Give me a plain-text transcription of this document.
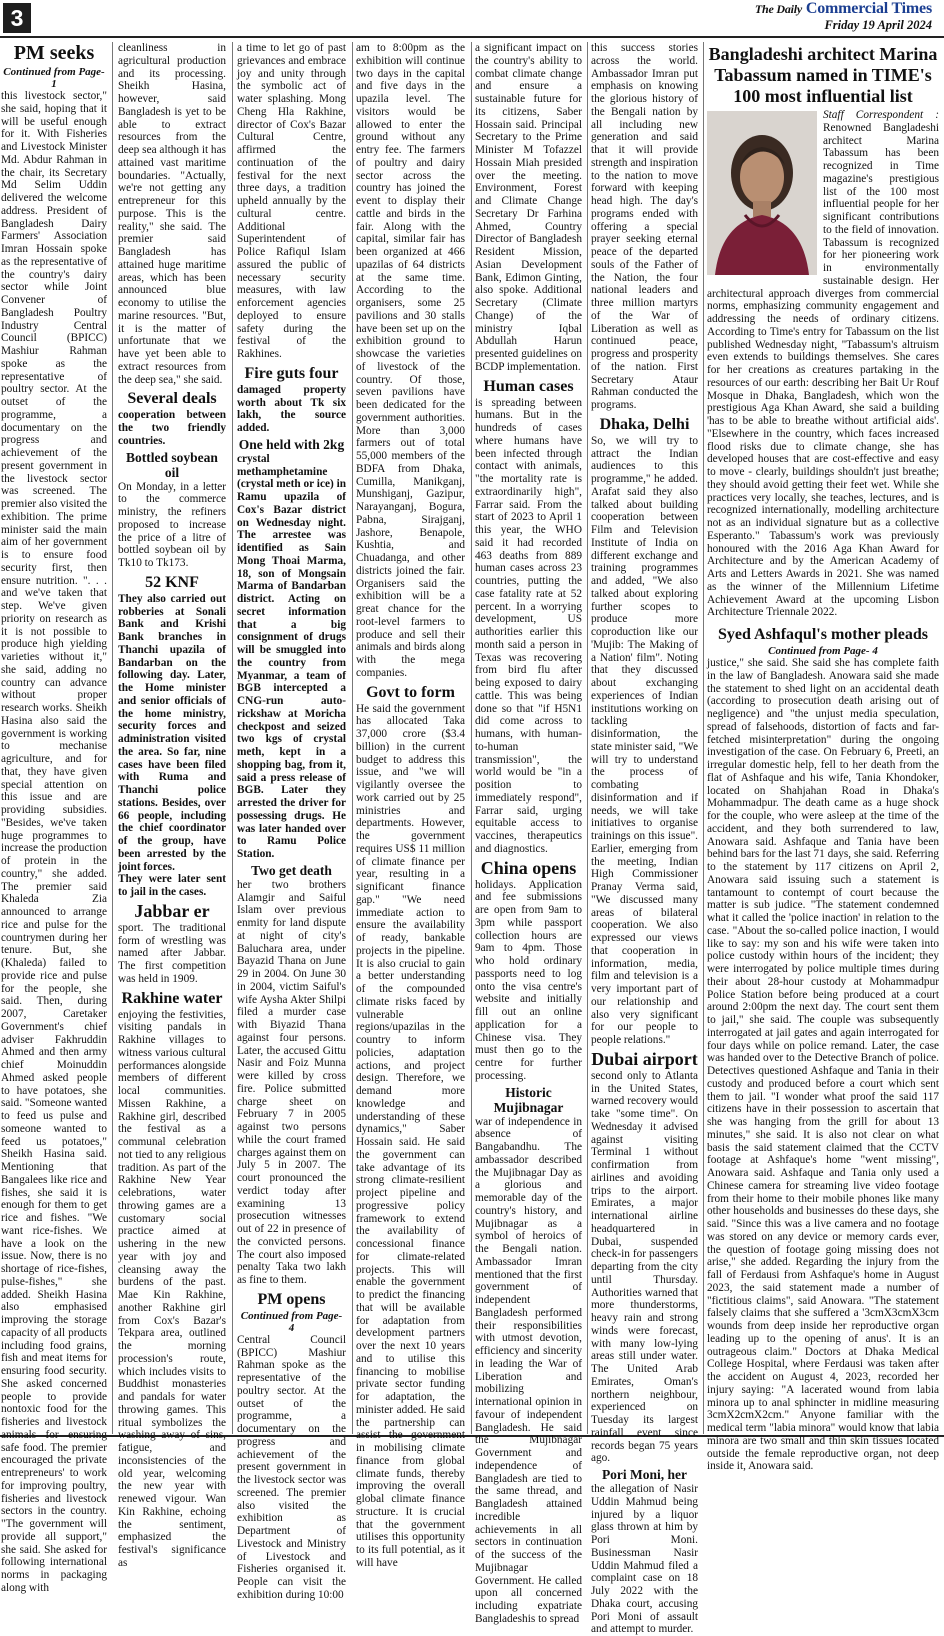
3	The Daily Commercial Times
Friday 19 April 2024
PM seeks
Continued from Page-1

this livestock sector," she said, hoping that it will be useful enough for it. With Fisheries and Livestock Minister Md. Abdur Rahman in the chair, its Secretary Md Selim Uddin delivered the welcome address. President of Bangladesh Dairy Farmers' Association Imran Hossain spoke as the representative of the country's dairy sector while Joint Convener of Bangladesh Poultry Industry Central Council (BPICC) Mashiur Rahman spoke as the representative of poultry sector. At the outset of the programme, a documentary on the progress and achievement of the present government in the livestock sector was screened. The premier also visited the exhibition. The prime minister said the main aim of her government is to ensure food security first, then ensure nutrition. ". . . and we've taken that step. We've given priority on research as it is not possible to produce high yielding varieties without it," she said, adding no country can advance without proper research works. Sheikh Hasina also said the government is working to mechanise agriculture, and for that, they have given special attention on this issue and are providing subsidies. "Besides, we've taken huge programmes to increase the production of protein in the country," she added. The premier said Khaleda Zia announced to arrange rice and pulse for the countrymen during her tenure. But, she (Khaleda) failed to provide rice and pulse for the people, she said. Then, during 2007, Caretaker Government's chief adviser Fakhruddin Ahmed and then army chief Moinuddin Ahmed asked people to have potatoes, she said. "Someone wanted to feed us pulse and someone wanted to feed us potatoes," Sheikh Hasina said. Mentioning that Bangalees like rice and fishes, she said it is enough for them to get rice and fishes. "We want rice-fishes. We have a look on the issue. Now, there is no shortage of rice-fishes, pulse-fishes," she added. Sheikh Hasina also emphasised improving the storage capacity of all products including food grains, fish and meat items for ensuring food security. She asked concerned people to provide nontoxic food for the fisheries and livestock animals for ensuring safe food. The premier encouraged the private entrepreneurs' to work for improving poultry, fisheries and livestock sectors in the country. "The government will provide all support," she said. She asked for following international norms in packaging along with

cleanliness in agricultural production and its processing. Sheikh Hasina, however, said Bangladesh is yet to be able to extract resources from the deep sea although it has attained vast maritime boundaries. "Actually, we're not getting any entrepreneur for this purpose. This is the reality," she said. The premier said Bangladesh has attained huge maritime areas, which has been announced blue economy to utilise the marine resources. "But, it is the matter of unfortunate that we have yet been able to extract resources from the deep sea," she said.

Several deals

cooperation between the two friendly countries.

Bottled soybean oil

On Monday, in a letter to the commerce ministry, the refiners proposed to increase the price of a litre of bottled soybean oil by Tk10 to Tk173.

52 KNF

They also carried out robberies at Sonali Bank and Krishi Bank branches in Thanchi upazila of Bandarban on the following day. Later, the Home minister and senior officials of the home ministry, security forces and administration visited the area. So far, nine cases have been filed with Ruma and Thanchi police stations. Besides, over 66 people, including the chief coordinator of the group, have been arrested by the joint forces.

They were later sent to jail in the cases.

Jabbar er

sport. The traditional form of wrestling was named after Jabbar. The first competition was held in 1909.

Rakhine water

enjoying the festivities, visiting pandals in Rakhine villages to witness various cultural performances alongside members of different local communities. Missen Rakhine, a Rakhine girl, described the festival as a communal celebration not tied to any religious tradition. As part of the Rakhine New Year celebrations, water throwing games are a customary social practice aimed at ushering in the new year with joy and cleansing away the burdens of the past. Mae Kin Rakhine, another Rakhine girl from Cox's Bazar's Tekpara area, outlined the morning procession's route, which includes visits to Buddhist monasteries and pandals for water throwing games. This ritual symbolizes the washing away of sins, fatigue, and inconsistencies of the old year, welcoming the new year with renewed vigour. Wan Kin Rakhine, echoing the sentiment, emphasized the festival's significance as

a time to let go of past grievances and embrace joy and unity through the symbolic act of water splashing. Mong Cheng Hla Rakhine, director of Cox's Bazar Cultural Centre, affirmed the continuation of the festival for the next three days, a tradition upheld annually by the cultural centre. Additional Superintendent of Police Rafiqul Islam assured the public of necessary security measures, with law enforcement agencies deployed to ensure safety during the festival of the Rakhines.

Fire guts four

damaged property worth about Tk six lakh, the source added.

One held with 2kg

crystal methamphetamine (crystal meth or ice) in Ramu upazila of Cox's Bazar district on Wednesday night. The arrestee was identified as Sain Mong Thoai Marma, 18, son of Mongsain Marma of Bandarban district. Acting on secret information that a big consignment of drugs will be smuggled into the country from Myanmar, a team of BGB intercepted a CNG-run auto-rickshaw at Moricha checkpost and seized two kgs of crystal meth, kept in a shopping bag, from it, said a press release of BGB. Later they arrested the driver for possessing drugs. He was later handed over to Ramu Police Station.

Two get death

her two brothers Alamgir and Saiful Islam over previous enmity for land dispute at night of city's Baluchara area, under Bayazid Thana on June 29 in 2004. On June 30 in 2004, victim Saiful's wife Aysha Akter Shilpi filed a murder case with Biyazid Thana against four persons. Later, the accused Gittu Nasir and Foiz Munna were killed by cross fire. Police submitted charge sheet on February 7 in 2005 against two persons while the court framed charges against them on July 5 in 2007. The court pronounced the verdict today after examining 13 prosecution witnesses out of 22 in presence of the convicted persons. The court also imposed penalty Taka two lakh as fine to them.

PM opens
Continued from Page- 4

Central Council (BPICC) Mashiur Rahman spoke as the representative of the poultry sector. At the outset of the programme, a documentary on the progress and achievement of the present government in the livestock sector was screened. The premier also visited the exhibition as Department of Livestock and Ministry of Livestock and Fisheries organised it. People can visit the exhibition during 10:00

am to 8:00pm as the exhibition will continue two days in the capital and five days in the upazila level. The visitors would be allowed to enter the ground without any entry fee. The farmers of poultry and dairy sector across the country has joined the event to display their cattle and birds in the fair. Along with the capital, similar fair has been organized at 466 upazilas of 64 districts at the same time. According to the organisers, some 25 pavilions and 30 stalls have been set up on the exhibition ground to showcase the varieties of livestock of the country. Of those, seven pavilions have been dedicated for the government authorities. More than 3,000 farmers out of total 55,000 members of the BDFA from Dhaka, Cumilla, Manikganj, Munshiganj, Gazipur, Narayanganj, Bogura, Pabna, Sirajganj, Jashore, Benapole, Kushtia, and Chuadanga, and other districts joined the fair. Organisers said the exhibition will be a great chance for the root-level farmers to produce and sell their animals and birds along with the mega companies.

Govt to form

He said the government has allocated Taka 37,000 crore ($3.4 billion) in the current budget to address this issue, and "we will vigilantly oversee the work carried out by 25 ministries and departments. However, the government requires US$ 11 million of climate finance per year, resulting in a significant finance gap." "We need immediate action to ensure the availability of ready, bankable projects in the pipeline. It is also crucial to gain a better understanding of the compounded climate risks faced by vulnerable regions/upazilas in the country to inform policies, adaptation actions, and project design. Therefore, we demand more knowledge and understanding of these dynamics," Saber Hossain said. He said the government can take advantage of its strong climate-resilient project pipeline and progressive policy framework to extend the availability of concessional finance for climate-related projects. This will enable the government to predict the financing that will be available for adaptation from development partners over the next 10 years and to utilise this financing to mobilise private sector funding for adaptation, the minister added. He said the partnership can assist the government in mobilising climate finance from global climate funds, thereby improving the overall global climate finance structure. It is crucial that the government utilises this opportunity to its full potential, as it will have

a significant impact on the country's ability to combat climate change and ensure a sustainable future for its citizens, Saber Hossain said. Principal Secretary to the Prime Minister M Tofazzel Hossain Miah presided over the meeting. Environment, Forest and Climate Change Secretary Dr Farhina Ahmed, Country Director of Bangladesh Resident Mission, Asian Development Bank, Edimon Ginting, also spoke. Additional Secretary (Climate Change) of the ministry Iqbal Abdullah Harun presented guidelines on BCDP implementation.

Human cases

is spreading between humans. But in the hundreds of cases where humans have been infected through contact with animals, "the mortality rate is extraordinarily high", Farrar said. From the start of 2023 to April 1 this year, the WHO said it had recorded 463 deaths from 889 human cases across 23 countries, putting the case fatality rate at 52 percent. In a worrying development, US authorities earlier this month said a person in Texas was recovering from bird flu after being exposed to dairy cattle. This was being done so that "if H5N1 did come across to humans, with human-to-human transmission", the world would be "in a position to immediately respond", Farrar said, urging equitable access to vaccines, therapeutics and diagnostics.

China opens

holidays. Application and fee submissions are open from 9am to 3pm while passport collection hours are 9am to 4pm. Those who hold ordinary passports need to log onto the visa centre's website and initially fill out an online application for a Chinese visa. They must then go to the centre for further processing.

Historic Mujibnagar

war of independence in absence of Bangabandhu. The ambassador described the Mujibnagar Day as a glorious and memorable day of the country's history, and Mujibnagar as a symbol of heroics of the Bengali nation. Ambassador Imran mentioned that the first government of independent Bangladesh performed their responsibilities with utmost devotion, efficiency and sincerity in leading the War of Liberation and mobilizing international opinion in favour of independent Bangladesh. He said the Mujibnagar Government and independence of Bangladesh are tied to the same thread, and Bangladesh attained incredible achievements in all sectors in continuation of the success of the Mujibnagar Government. He called upon all concerned including expatriate Bangladeshis to spread

this success stories across the world. Ambassador Imran put emphasis on knowing the glorious history of the Bengali nation by all including new generation and said that it will provide strength and inspiration to the nation to move forward with keeping head high. The day's programs ended with offering a special prayer seeking eternal peace of the departed souls of the Father of the Nation, the four national leaders and three million martyrs of the War of Liberation as well as continued peace, progress and prosperity of the nation. First Secretary Ataur Rahman conducted the programs.

Dhaka, Delhi

So, we will try to attract the Indian audiences to this programme," he added. Arafat said they also talked about building cooperation between Film and Television Institute of India on different exchange and training programmes and added, "We also talked about exploring further scopes to produce more coproduction like our 'Mujib: The Making of a Nation' film". Noting that they discussed about exchanging experiences of Indian institutions working on tackling disinformation, the state minister said, "We will try to understand the process of combating disinformation and if needs, we will take initiatives to organise trainings on this issue". Earlier, emerging from the meeting, Indian High Commissioner Pranay Verma said, "We discussed many areas of bilateral cooperation. We also expressed our views that cooperation in information, media, film and television is a very important part of our relationship and also very significant for our people to people relations."

Dubai airport

second only to Atlanta in the United States, warned recovery would take "some time". On Wednesday it advised against visiting Terminal 1 without confirmation from airlines and avoiding trips to the airport. Emirates, a major international airline headquartered in Dubai, suspended check-in for passengers departing from the city until Thursday. Authorities warned that more thunderstorms, heavy rain and strong winds were forecast, with many low-lying areas still under water. The United Arab Emirates, Oman's northern neighbour, experienced on Tuesday its largest rainfall event since records began 75 years ago.

Pori Moni, her

the allegation of Nasir Uddin Mahmud being injured by a liquor glass thrown at him by Pori Moni. Businessman Nasir Uddin Mahmud filed a complaint case on 18 July 2022 with the Dhaka court, accusing Pori Moni of assault and attempt to murder.

Bangladeshi architect Marina Tabassum named in TIME's 100 most influential list

Staff Correspondent : Renowned Bangladeshi architect Marina Tabassum has been recognized in Time magazine's prestigious list of the 100 most influential people for her significant contributions to the field of innovation. Tabassum is recognized for her pioneering work in environmentally sustainable design. Her architectural approach diverges from commercial norms, emphasizing community engagement and addressing the needs of ordinary citizens. According to Time's entry for Tabassum on the list published Wednesday night, "Tabassum's altruism even extends to buildings themselves. She cares for her creations as creatures partaking in the resources of our earth: describing her Bait Ur Rouf Mosque in Dhaka, Bangladesh, which won the prestigious Aga Khan Award, she said a building 'has to be able to breathe without artificial aids'. "Elsewhere in the country, which faces increased flood risks due to climate change, she has developed houses that are cost-effective and easy to move - clearly, buildings shouldn't just breathe; they should avoid getting their feet wet. While she practices very locally, she teaches, lectures, and is recognized internationally, modelling architecture not as an individual signature but as a collective Esperanto." Tabassum's work was previously honoured with the 2016 Aga Khan Award for Architecture and by the American Academy of Arts and Letters Awards in 2021. She was named as the winner of the Millennium Lifetime Achievement Award at the upcoming Lisbon Architecture Triennale 2022.

Syed Ashfaqul's mother pleads
Continued from Page- 4

justice," she said. She said she has complete faith in the law of Bangladesh. Anowara said she made the statement to shed light on an accidental death (according to prosecution death arising out of negligence) and "the unjust media speculation, spread of falsehoods, distortion of facts and far-fetched misinterpretation" during the ongoing investigation of the case. On February 6, Preeti, an irregular domestic help, fell to her death from the flat of Ashfaque and his wife, Tania Khondoker, located on Shahjahan Road in Dhaka's Mohammadpur. The death came as a huge shock for the couple, who were asleep at the time of the accident, and they both surrendered to law, Anowara said. Ashfaque and Tania have been behind bars for the last 71 days, she said. Referring to the statement by 117 citizens on April 2, Anowara said issuing such a statement is tantamount to contempt of court because the matter is sub judice. "The statement condemned what it called the 'police inaction' in relation to the case. "About the so-called police inaction, I would like to say: my son and his wife were taken into police custody within hours of the incident; they were interrogated by police multiple times during their about 28-hour custody at Mohammadpur Police Station before being produced at a court around 2:00pm the next day. The court sent them to jail," she said. The couple was subsequently interrogated at jail gates and again interrogated for four days while on police remand. Later, the case was handed over to the Detective Branch of police. Detectives questioned Ashfaque and Tania in their custody and produced before a court which sent them to jail. "I wonder what proof the said 117 citizens have in their possession to ascertain that she was hanging from the grill for about 13 minutes," she said. It is also not clear on what basis the said statement claimed that the CCTV footage at Ashfaque's home "went missing", Anowara said. Ashfaque and Tania only used a Chinese camera for streaming live video footage from their home to their mobile phones like many other households and businesses do these days, she said. "Since this was a live camera and no footage was stored on any device or memory cards ever, the question of footage going missing does not arise," she added. Regarding the injury from the fall of Ferdausi from Ashfaque's home in August 2023, the said statement made a number of "fictitious claims", said Anowara. "The statement falsely claims that she suffered a '3cmX3cmX3cm wounds from deep inside her reproductive organ leading up to the opening of anus'. It is an outrageous claim." Doctors at Dhaka Medical College Hospital, where Ferdausi was taken after the accident on August 4, 2023, recorded her injury saying: "A lacerated wound from labia minora up to anal sphincter in midline measuring 3cmX2cmX2cm." Anyone familiar with the medical term "labia minora" would know that labia minora are two small and thin skin tissues located outside the female reproductive organ, not deep inside it, Anowara said.
